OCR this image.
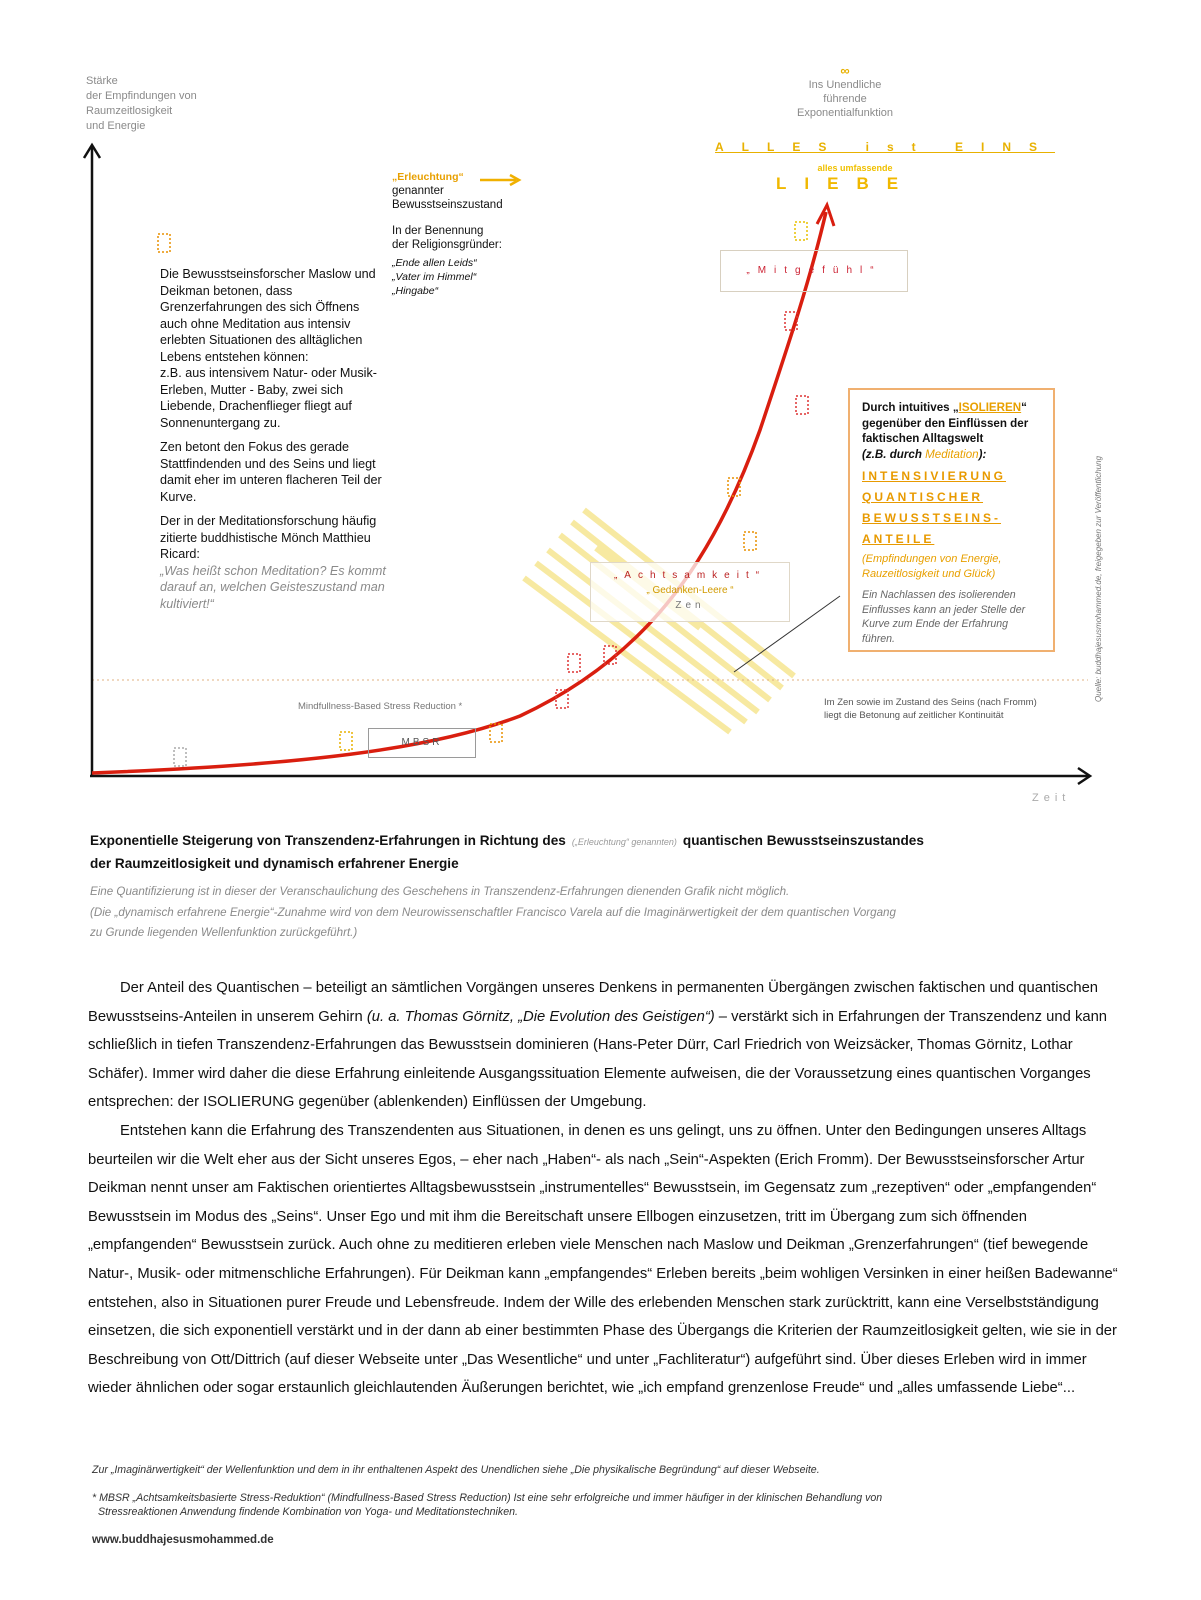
Stärke
der Empfindungen von
Raumzeitlosigkeit
und Energie
∞
Ins Unendliche
führende
Exponentialfunktion
ALLES ist EINS
alles umfassende
LIEBE
„Erleuchtung“
genannter
Bewusstseinszustand
In der Benennung
der Religionsgründer:
„Ende allen Leids“
„Vater im Himmel“
„Hingabe“

Die Bewusstseinsforscher Maslow und Deikman betonen, dass Grenzerfahrungen des sich Öffnens auch ohne Meditation aus intensiv erlebten Situationen des alltäglichen Lebens entstehen können:

z.B. aus intensivem Natur- oder Musik-Erleben, Mutter - Baby, zwei sich Liebende, Drachenflieger fliegt auf Sonnenuntergang zu.

Zen betont den Fokus des gerade Stattfindenden und des Seins und liegt damit eher im unteren flacheren Teil der Kurve.

Der in der Meditationsforschung häufig zitierte buddhistische Mönch Matthieu Ricard:

„Was heißt schon Meditation? Es kommt darauf an, welchen Geisteszustand man kultiviert!“

„Mitgefühl“
„Achtsamkeit“
„ Gedanken-Leere “
Zen
Durch intuitives „ISOLIEREN“ gegenüber den Einflüssen der faktischen Alltagswelt
(z.B. durch Meditation):
INTENSIVIERUNG
QUANTISCHER
BEWUSSTSEINS-
ANTEILE
(Empfindungen von Energie, Rauzeitlosigkeit und Glück)
Ein Nachlassen des isolierenden Einflusses kann an jeder Stelle der Kurve zum Ende der Erfahrung führen.
Mindfullness-Based Stress Reduction *
MBSR
Im Zen sowie im Zustand des Seins (nach Fromm)
liegt die Betonung auf zeitlicher Kontinuität
Zeit
Quelle: buddhajesusmohammed.de, freigegeben zur Veröffentlichung
Exponentielle Steigerung von Transzendenz-Erfahrungen in Richtung des („Erleuchtung“ genannten) quantischen Bewusstseinszustandes
der Raumzeitlosigkeit und dynamisch erfahrener Energie
Eine Quantifizierung ist in dieser der Veranschaulichung des Geschehens in Transzendenz-Erfahrungen dienenden Grafik nicht möglich.
(Die „dynamisch erfahrene Energie“-Zunahme wird von dem Neurowissenschaftler Francisco Varela auf die Imaginärwertigkeit der dem quantischen Vorgang
zu Grunde liegenden Wellenfunktion zurückgeführt.)

Der Anteil des Quantischen – beteiligt an sämtlichen Vorgängen unseres Denkens in permanenten Übergängen zwischen faktischen und quantischen Bewusstseins-Anteilen in unserem Gehirn (u. a. Thomas Görnitz, „Die Evolution des Geistigen“) – verstärkt sich in Erfahrungen der Transzendenz und kann schließlich in tiefen Transzendenz-Erfahrungen das Bewusstsein dominieren (Hans-Peter Dürr, Carl Friedrich von Weizsäcker, Thomas Görnitz, Lothar Schäfer). Immer wird daher die diese Erfahrung einleitende Ausgangssituation Elemente aufweisen, die der Voraussetzung eines quantischen Vorganges entsprechen: der ISOLIERUNG gegenüber (ablenkenden) Einflüssen der Umgebung.

Entstehen kann die Erfahrung des Transzendenten aus Situationen, in denen es uns gelingt, uns zu öffnen. Unter den Bedingungen unseres Alltags beurteilen wir die Welt eher aus der Sicht unseres Egos, – eher nach „Haben“- als nach „Sein“-Aspekten (Erich Fromm). Der Bewusstseinsforscher Artur Deikman nennt unser am Faktischen orientiertes Alltagsbewusstsein „instrumentelles“ Bewusstsein, im Gegensatz zum „rezeptiven“ oder „empfangenden“ Bewusstsein im Modus des „Seins“. Unser Ego und mit ihm die Bereitschaft unsere Ellbogen einzusetzen, tritt im Übergang zum sich öffnenden „empfangenden“ Bewusstsein zurück. Auch ohne zu meditieren erleben viele Menschen nach Maslow und Deikman „Grenzerfahrungen“ (tief bewegende Natur-, Musik- oder mitmenschliche Erfahrungen). Für Deikman kann „empfangendes“ Erleben bereits „beim wohligen Versinken in einer heißen Badewanne“ entstehen, also in Situationen purer Freude und Lebensfreude. Indem der Wille des erlebenden Menschen stark zurücktritt, kann eine Verselbstständigung einsetzen, die sich exponentiell verstärkt und in der dann ab einer bestimmten Phase des Übergangs die Kriterien der Raumzeitlosigkeit gelten, wie sie in der Beschreibung von Ott/Dittrich (auf dieser Webseite unter „Das Wesentliche“ und unter „Fachliteratur“) aufgeführt sind. Über dieses Erleben wird in immer wieder ähnlichen oder sogar erstaunlich gleichlautenden Äußerungen berichtet, wie „ich empfand grenzenlose Freude“ und „alles umfassende Liebe“...

Zur „Imaginärwertigkeit“ der Wellenfunktion und dem in ihr enthaltenen Aspekt des Unendlichen siehe „Die physikalische Begründung“ auf dieser Webseite.
* MBSR „Achtsamkeitsbasierte Stress-Reduktion“ (Mindfullness-Based Stress Reduction) Ist eine sehr erfolgreiche und immer häufiger in der klinischen Behandlung von
Stressreaktionen Anwendung findende Kombination von Yoga- und Meditationstechniken.
www.buddhajesusmohammed.de
